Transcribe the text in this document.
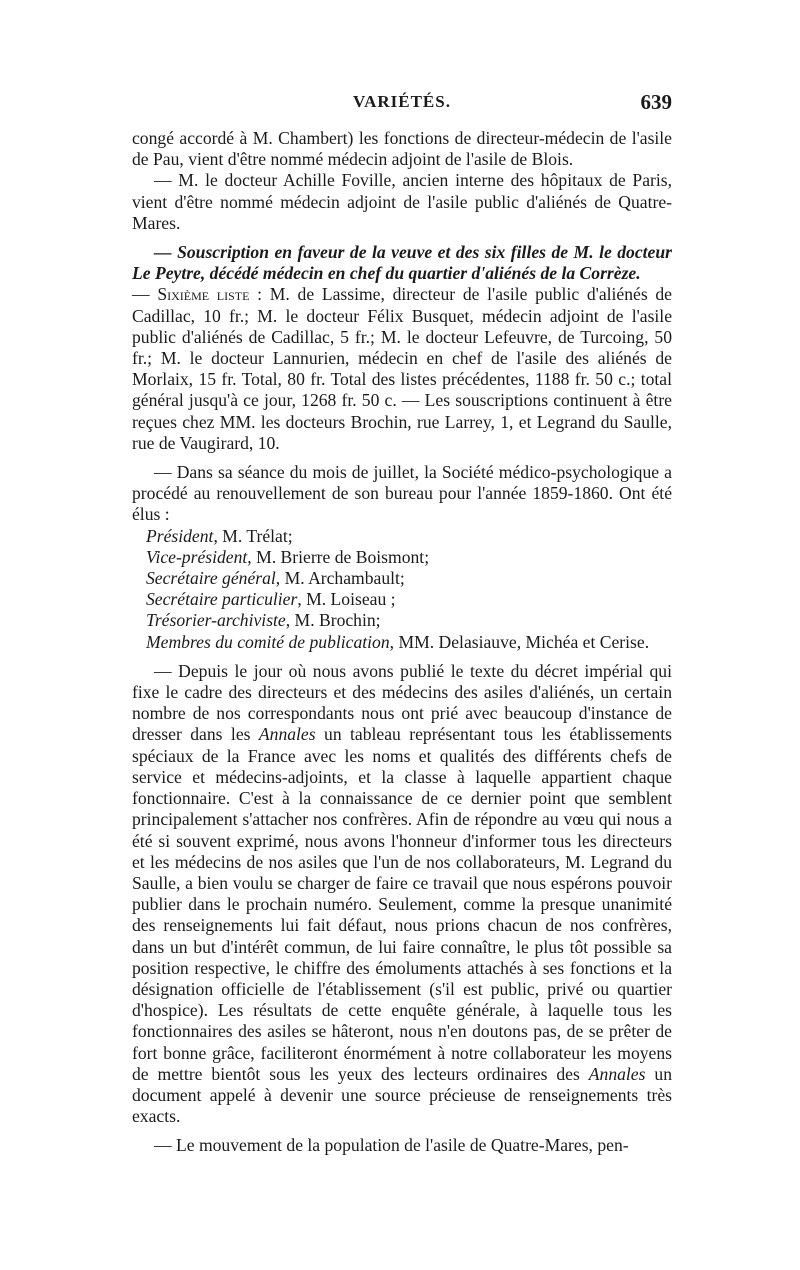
VARIÉTÉS.	639

congé accordé à M. Chambert) les fonctions de directeur-médecin de l'asile de Pau, vient d'être nommé médecin adjoint de l'asile de Blois.

— M. le docteur Achille Foville, ancien interne des hôpitaux de Paris, vient d'être nommé médecin adjoint de l'asile public d'aliénés de Quatre-Mares.

— Souscription en faveur de la veuve et des six filles de M. le docteur Le Peytre, décédé médecin en chef du quartier d'aliénés de la Corrèze.
— Sixième liste : M. de Lassime, directeur de l'asile public d'aliénés de Cadillac, 10 fr.; M. le docteur Félix Busquet, médecin adjoint de l'asile public d'aliénés de Cadillac, 5 fr.; M. le docteur Lefeuvre, de Turcoing, 50 fr.; M. le docteur Lannurien, médecin en chef de l'asile des aliénés de Morlaix, 15 fr. Total, 80 fr. Total des listes précédentes, 1188 fr. 50 c.; total général jusqu'à ce jour, 1268 fr. 50 c. — Les souscriptions continuent à être reçues chez MM. les docteurs Brochin, rue Larrey, 1, et Legrand du Saulle, rue de Vaugirard, 10.

— Dans sa séance du mois de juillet, la Société médico-psychologique a procédé au renouvellement de son bureau pour l'année 1859-1860. Ont été élus :

Président, M. Trélat;
Vice-président, M. Brierre de Boismont;
Secrétaire général, M. Archambault;
Secrétaire particulier, M. Loiseau ;
Trésorier-archiviste, M. Brochin;
Membres du comité de publication, MM. Delasiauve, Michéa et Cerise.

— Depuis le jour où nous avons publié le texte du décret impérial qui fixe le cadre des directeurs et des médecins des asiles d'aliénés, un certain nombre de nos correspondants nous ont prié avec beaucoup d'instance de dresser dans les Annales un tableau représentant tous les établissements spéciaux de la France avec les noms et qualités des différents chefs de service et médecins-adjoints, et la classe à laquelle appartient chaque fonctionnaire. C'est à la connaissance de ce dernier point que semblent principalement s'attacher nos confrères. Afin de répondre au vœu qui nous a été si souvent exprimé, nous avons l'honneur d'informer tous les directeurs et les médecins de nos asiles que l'un de nos collaborateurs, M. Legrand du Saulle, a bien voulu se charger de faire ce travail que nous espérons pouvoir publier dans le prochain numéro. Seulement, comme la presque unanimité des renseignements lui fait défaut, nous prions chacun de nos confrères, dans un but d'intérêt commun, de lui faire connaître, le plus tôt possible sa position respective, le chiffre des émoluments attachés à ses fonctions et la désignation officielle de l'établissement (s'il est public, privé ou quartier d'hospice). Les résultats de cette enquête générale, à laquelle tous les fonctionnaires des asiles se hâteront, nous n'en doutons pas, de se prêter de fort bonne grâce, faciliteront énormément à notre collaborateur les moyens de mettre bientôt sous les yeux des lecteurs ordinaires des Annales un document appelé à devenir une source précieuse de renseignements très exacts.

— Le mouvement de la population de l'asile de Quatre-Mares, pen-
